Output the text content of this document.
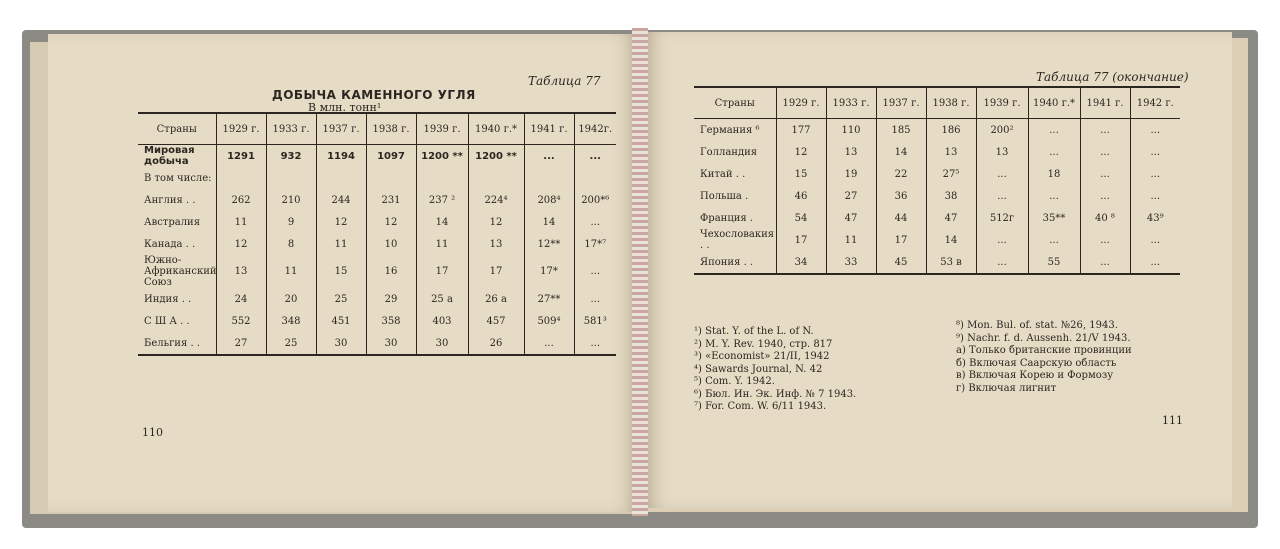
Таблица 77
ДОБЫЧА КАМЕННОГО УГЛЯ
В млн. тонн¹
Страны	1929 г.	1933 г.	1937 г.	1938 г.	1939 г.	1940 г.*	1941 г.	1942г.
Мировая добыча	1291	932	1194	1097	1200 **	1200 **	...	...
В том числе:								
Англия . .	262	210	244	231	237 ²	224⁴	208⁴	200*⁶
Австралия	11	9	12	12	14	12	14	...
Канада . .	12	8	11	10	11	13	12**	17*⁷
Южно-Африканский Союз	13	11	15	16	17	17	17*	...
Индия . .	24	20	25	29	25 а	26 а	27**	...
С Ш А . .	552	348	451	358	403	457	509⁴	581³
Бельгия . .	27	25	30	30	30	26	...	...
110
Таблица 77 (окончание)
Страны	1929 г.	1933 г.	1937 г.	1938 г.	1939 г.	1940 г.*	1941 г.	1942 г.
Германия ⁶	177	110	185	186	200²	...	...	...
Голландия	12	13	14	13	13	...	...	...
Китай . .	15	19	22	27⁵	...	18	...	...
Польша .	46	27	36	38	...	...	...	...
Франция .	54	47	44	47	512г	35**	40 ⁸	43⁹
Чехословакия . .	17	11	17	14	...	...	...	...
Япония . .	34	33	45	53 в	...	55	...	...
¹) Stat. Y. of the L. of N.
²) M. Y. Rev. 1940, стр. 817
³) «Economist» 21/II, 1942
⁴) Sawards Journal, N. 42
⁵) Com. Y. 1942.
⁶) Бюл. Ин. Эк. Инф. № 7 1943.
⁷) For. Com. W. 6/11 1943.
⁸) Mon. Bul. of. stat. №26, 1943.
⁹) Nachr. f. d. Aussenh. 21/V 1943.
а) Только британские провинции
б) Включая Саарскую область
в) Включая Корею и Формозу
г) Включая лигнит
111
